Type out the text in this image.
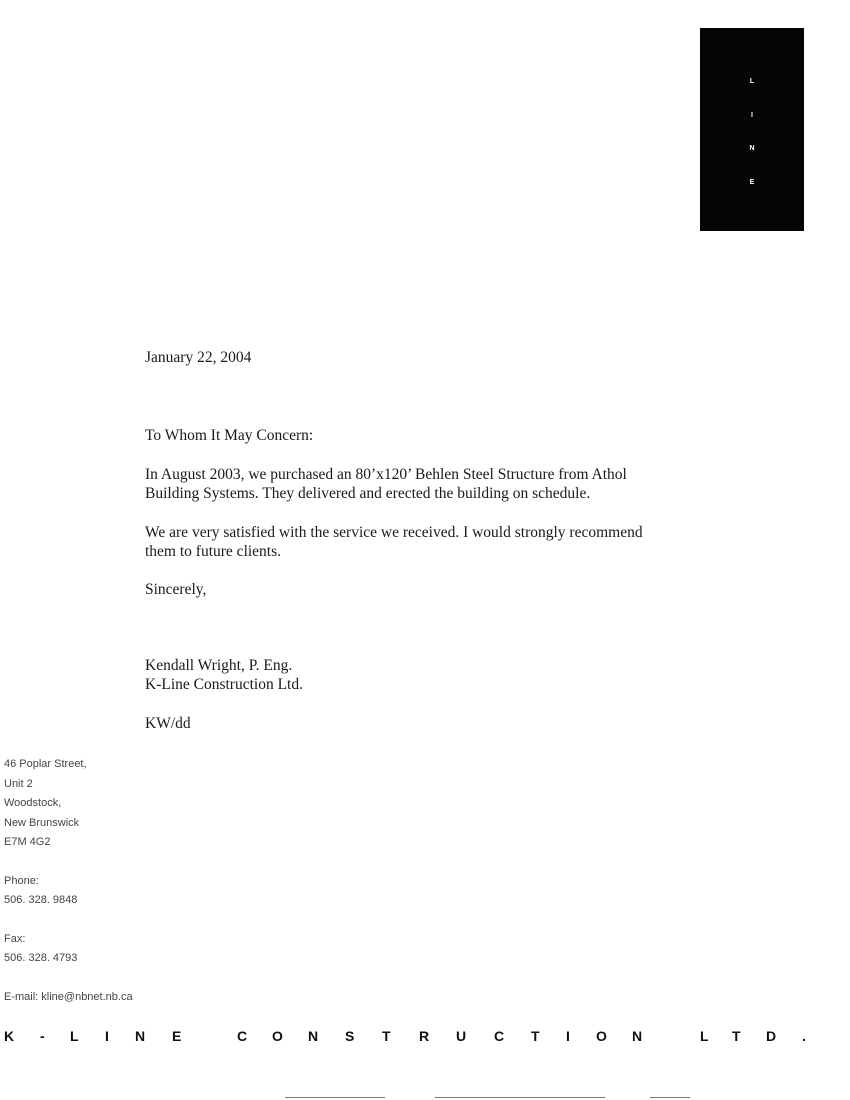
L
I
N
E
January 22, 2004
To Whom It May Concern:
In August 2003, we purchased an 80’x120’ Behlen Steel Structure from Athol
Building Systems. They delivered and erected the building on schedule.
We are very satisfied with the service we received. I would strongly recommend
them to future clients.
Sincerely,
Kendall Wright, P. Eng.
K-Line Construction Ltd.
KW/dd
46 Poplar Street,
Unit 2
Woodstock,
New Brunswick
E7M 4G2
Phone:
506. 328. 9848
Fax:
506. 328. 4793
E-mail: kline@nbnet.nb.ca
K - L I N E	C O N S T R U C T I O N	L T D .
